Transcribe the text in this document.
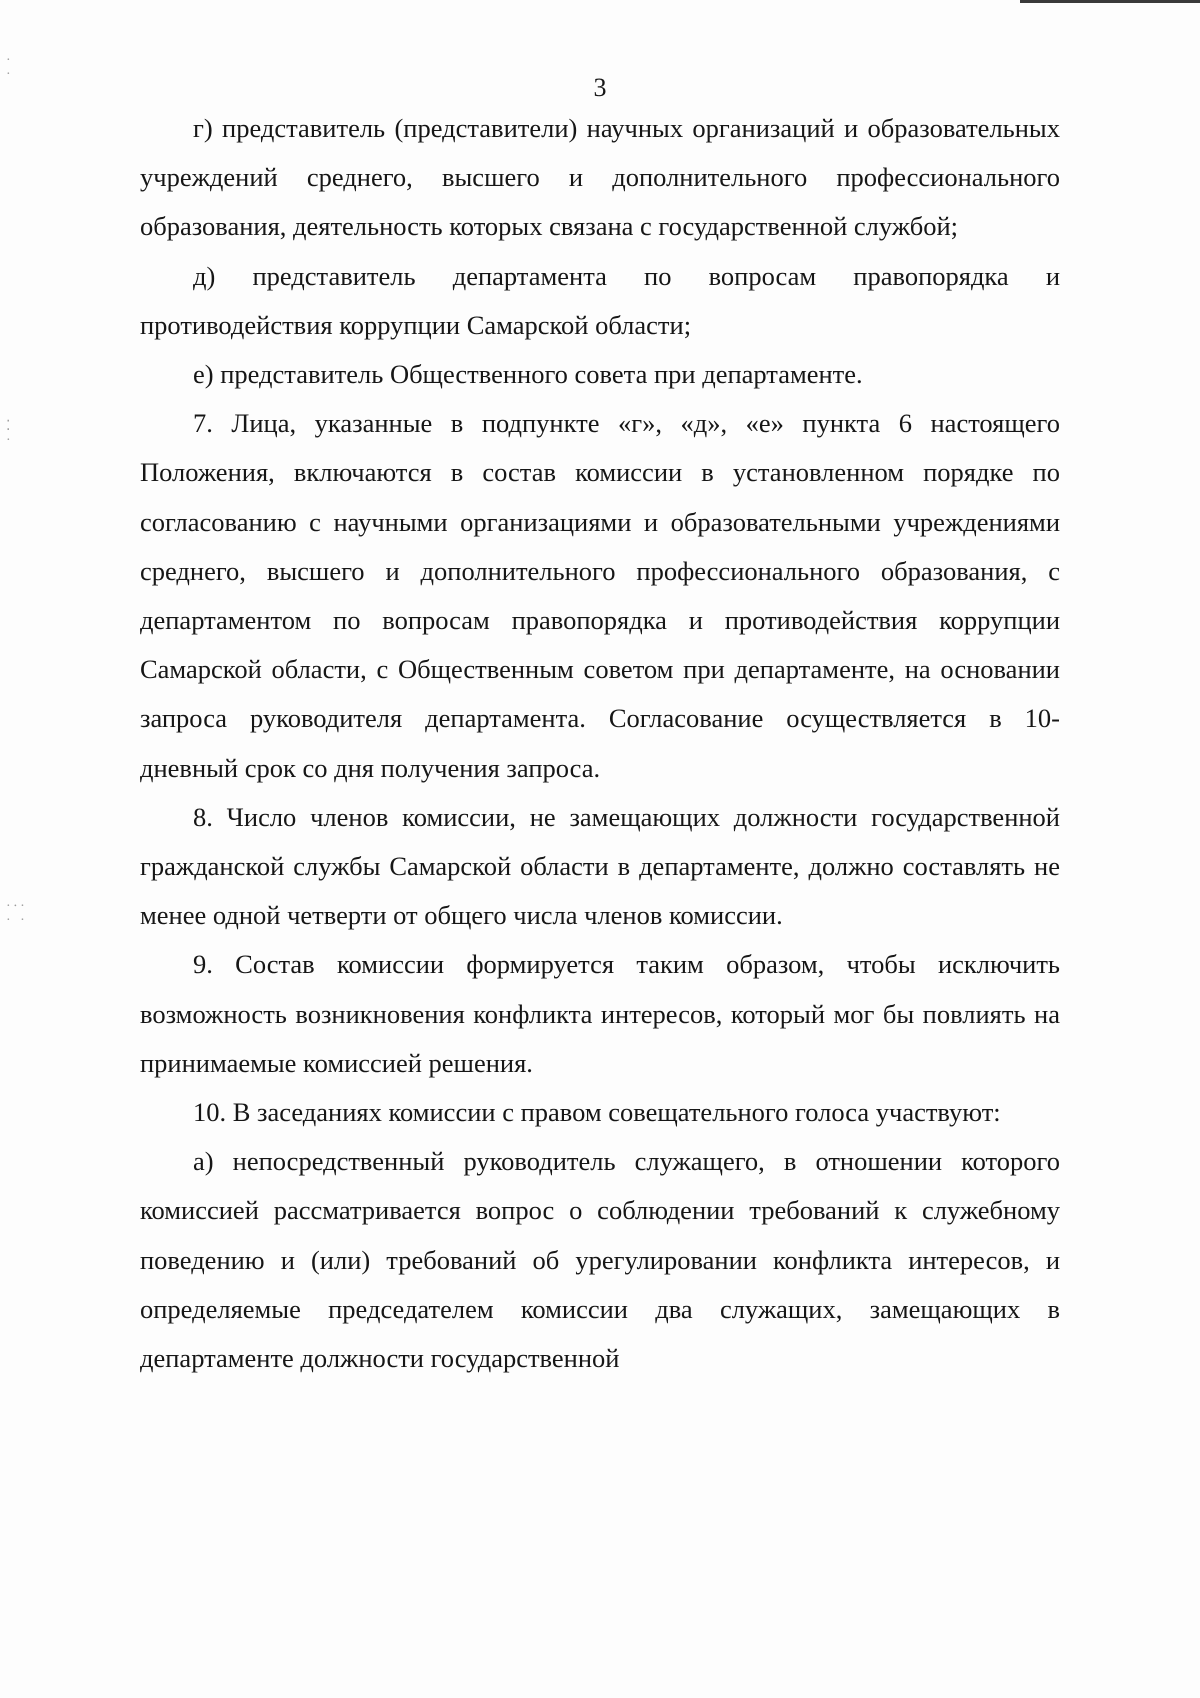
·
·
⁚
·
·∙·
· ·
3

г) представитель (представители) научных организаций и образовательных учреждений среднего, высшего и дополнительного профессионального образования, деятельность которых связана с государственной службой;

д) представитель департамента по вопросам правопорядка и противодействия коррупции Самарской области;

е) представитель Общественного совета при департаменте.

7. Лица, указанные в подпункте «г», «д», «е» пункта 6 настоящего Положения, включаются в состав комиссии в установленном порядке по согласованию с научными организациями и образовательными учреждениями среднего, высшего и дополнительного профессионального образования, с департаментом по вопросам правопорядка и противодействия коррупции Самарской области, с Общественным советом при департаменте, на основании запроса руководителя департамента. Согласование осуществляется в 10-дневный срок со дня получения запроса.

8. Число членов комиссии, не замещающих должности государственной гражданской службы Самарской области в департаменте, должно составлять не менее одной четверти от общего числа членов комиссии.

9. Состав комиссии формируется таким образом, чтобы исключить возможность возникновения конфликта интересов, который мог бы повлиять на принимаемые комиссией решения.

10. В заседаниях комиссии с правом совещательного голоса участвуют:

а) непосредственный руководитель служащего, в отношении которого комиссией рассматривается вопрос о соблюдении требований к служебному поведению и (или) требований об урегулировании конфликта интересов, и определяемые председателем комиссии два служащих, замещающих в департаменте должности государственной
